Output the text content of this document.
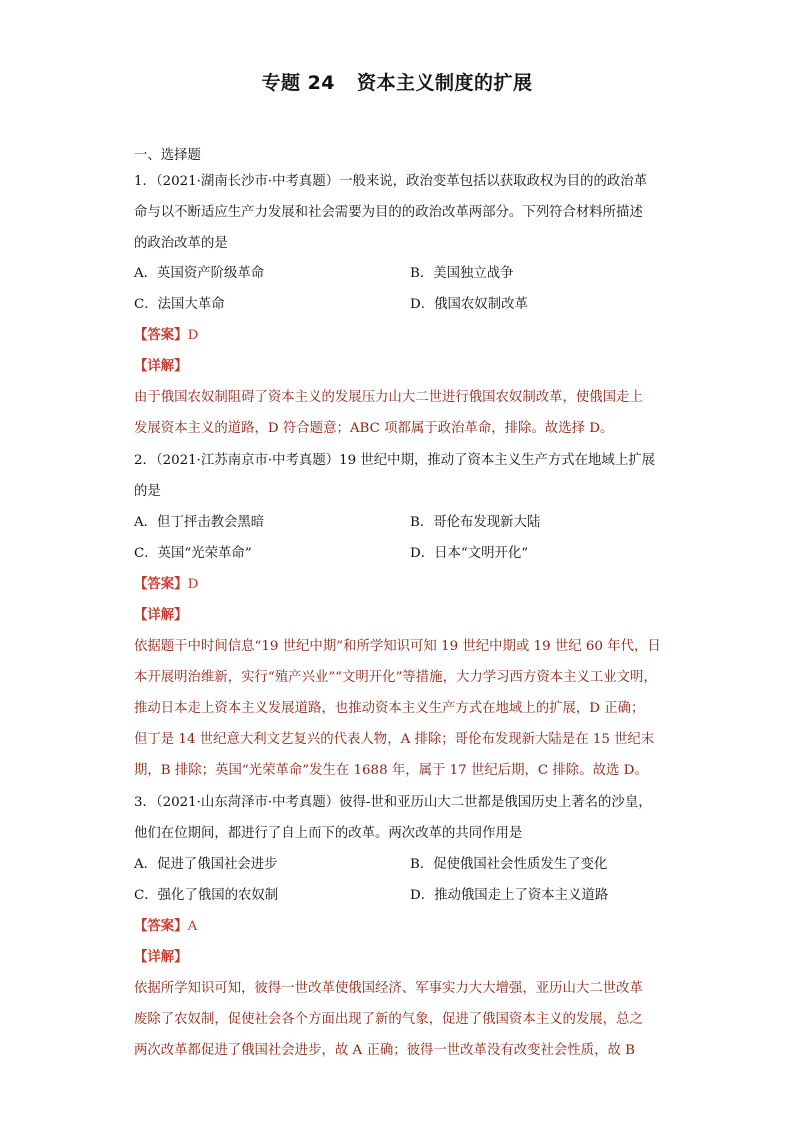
专题 24 资本主义制度的扩展
一、选择题
1．（2021·湖南长沙市·中考真题）一般来说，政治变革包括以获取政权为目的的政治革
命与以不断适应生产力发展和社会需要为目的的政治改革两部分。下列符合材料所描述
的政治改革的是
A．英国资产阶级革命	B．美国独立战争
C．法国大革命	D．俄国农奴制改革
【答案】D
【详解】
由于俄国农奴制阻碍了资本主义的发展压力山大二世进行俄国农奴制改革，使俄国走上
发展资本主义的道路，D 符合题意；ABC 项都属于政治革命，排除。故选择 D。
2．（2021·江苏南京市·中考真题）19 世纪中期，推动了资本主义生产方式在地域上扩展
的是
A．但丁抨击教会黑暗	B．哥伦布发现新大陆
C．英国“光荣革命”	D．日本“文明开化”
【答案】D
【详解】
依据题干中时间信息“19 世纪中期”和所学知识可知 19 世纪中期或 19 世纪 60 年代，日
本开展明治维新，实行“殖产兴业”“文明开化”等措施，大力学习西方资本主义工业文明，
推动日本走上资本主义发展道路，也推动资本主义生产方式在地域上的扩展，D 正确；
但丁是 14 世纪意大利文艺复兴的代表人物，A 排除；哥伦布发现新大陆是在 15 世纪末
期，B 排除；英国“光荣革命”发生在 1688 年，属于 17 世纪后期，C 排除。故选 D。
3．（2021·山东菏泽市·中考真题）彼得-世和亚历山大二世都是俄国历史上著名的沙皇，
他们在位期间，都进行了自上而下的改革。两次改革的共同作用是
A．促进了俄国社会进步	B．促使俄国社会性质发生了变化
C．强化了俄国的农奴制	D．推动俄国走上了资本主义道路
【答案】A
【详解】
依据所学知识可知，彼得一世改革使俄国经济、军事实力大大增强，亚历山大二世改革
废除了农奴制，促使社会各个方面出现了新的气象，促进了俄国资本主义的发展，总之
两次改革都促进了俄国社会进步，故 A 正确；彼得一世改革没有改变社会性质，故 B
